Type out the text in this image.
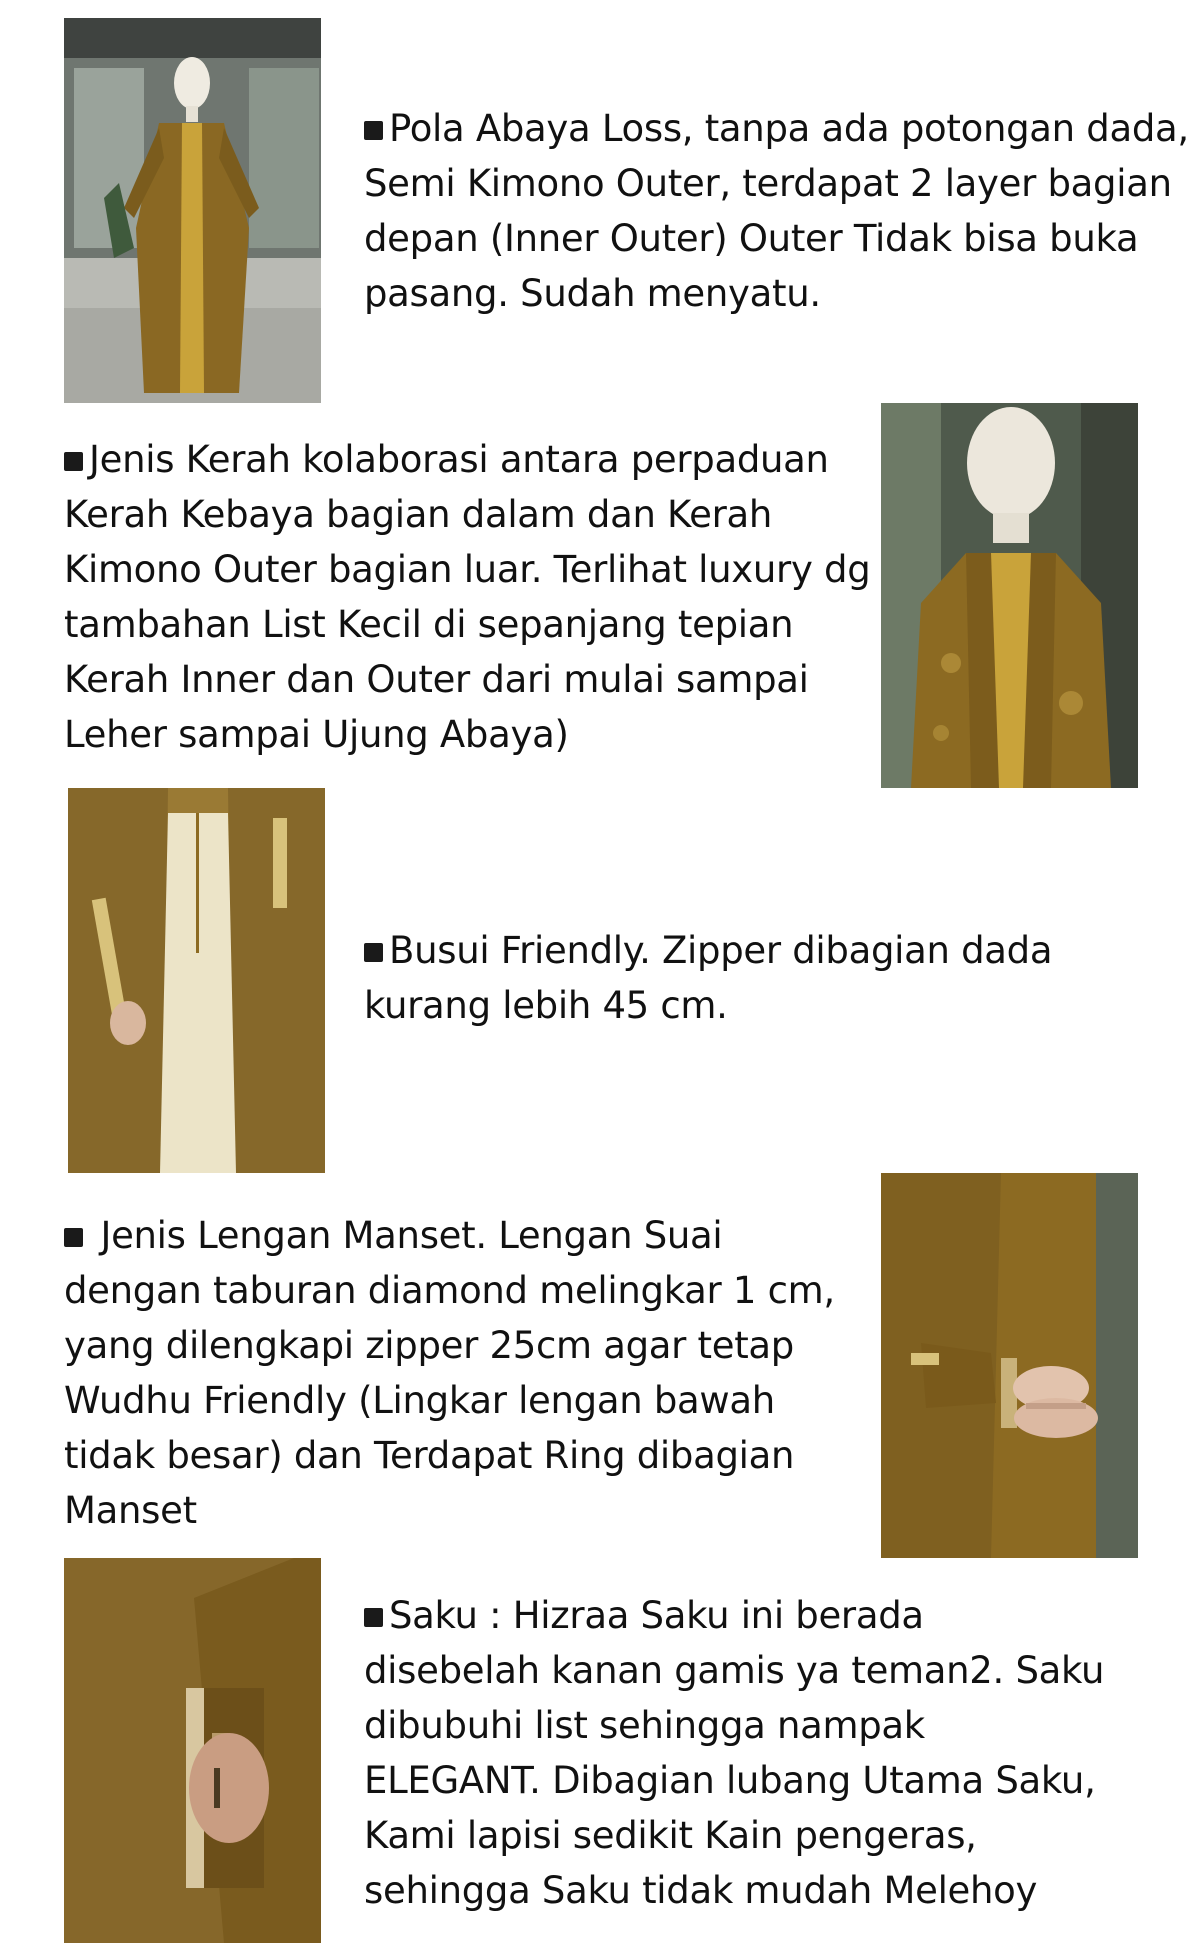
Pola Abaya Loss, tanpa ada potongan dada,
Semi Kimono Outer, terdapat 2 layer bagian
depan (Inner Outer) Outer Tidak bisa buka
pasang. Sudah menyatu.
Jenis Kerah kolaborasi antara perpaduan
Kerah Kebaya bagian dalam dan Kerah
Kimono Outer bagian luar. Terlihat luxury dg
tambahan List Kecil di sepanjang tepian
Kerah Inner dan Outer dari mulai sampai
Leher sampai Ujung Abaya)
Busui Friendly. Zipper dibagian dada
kurang lebih 45 cm.
Jenis Lengan Manset. Lengan Suai
dengan taburan diamond melingkar 1 cm,
yang dilengkapi zipper 25cm agar tetap
Wudhu Friendly (Lingkar lengan bawah
tidak besar) dan Terdapat Ring dibagian
Manset
Saku : Hizraa Saku ini berada
disebelah kanan gamis ya teman2. Saku
dibubuhi list sehingga nampak
ELEGANT. Dibagian lubang Utama Saku,
Kami lapisi sedikit Kain pengeras,
sehingga Saku tidak mudah Melehoy
